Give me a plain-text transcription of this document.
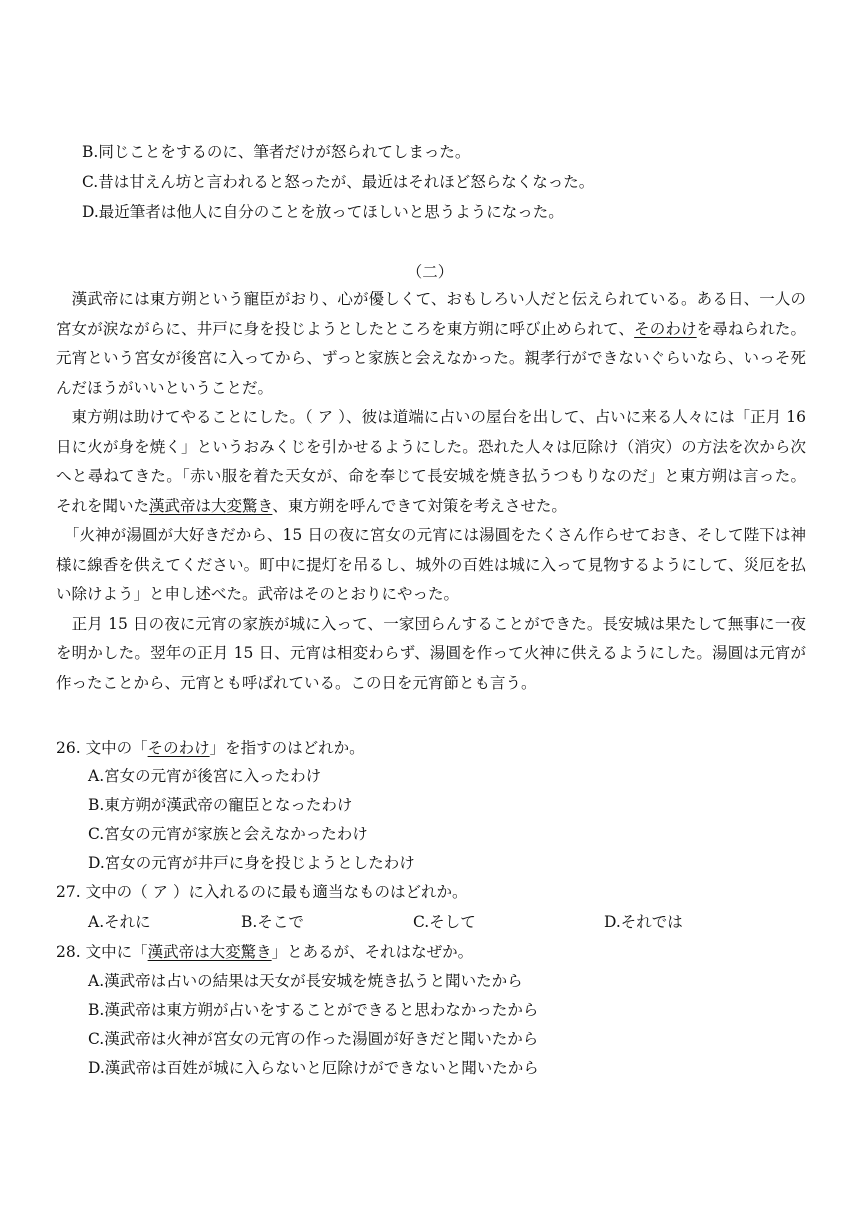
B.同じことをするのに、筆者だけが怒られてしまった。
C.昔は甘えん坊と言われると怒ったが、最近はそれほど怒らなくなった。
D.最近筆者は他人に自分のことを放ってほしいと思うようになった。
（二）

　漢武帝には東方朔という寵臣がおり、心が優しくて、おもしろい人だと伝えられている。ある日、一人の宮女が涙ながらに、井戸に身を投じようとしたところを東方朔に呼び止められて、そのわけを尋ねられた。元宵という宮女が後宮に入ってから、ずっと家族と会えなかった。親孝行ができないぐらいなら、いっそ死んだほうがいいということだ。

　東方朔は助けてやることにした。（ ア ）、彼は道端に占いの屋台を出して、占いに来る人々には「正月 16 日に火が身を焼く」というおみくじを引かせるようにした。恐れた人々は厄除け（消灾）の方法を次から次へと尋ねてきた。「赤い服を着た天女が、命を奉じて長安城を焼き払うつもりなのだ」と東方朔は言った。それを聞いた漢武帝は大変驚き、東方朔を呼んできて対策を考えさせた。

　「火神が湯圓が大好きだから、15 日の夜に宮女の元宵には湯圓をたくさん作らせておき、そして陛下は神様に線香を供えてください。町中に提灯を吊るし、城外の百姓は城に入って見物するようにして、災厄を払い除けよう」と申し述べた。武帝はそのとおりにやった。

　正月 15 日の夜に元宵の家族が城に入って、一家団らんすることができた。長安城は果たして無事に一夜を明かした。翌年の正月 15 日、元宵は相変わらず、湯圓を作って火神に供えるようにした。湯圓は元宵が作ったことから、元宵とも呼ばれている。この日を元宵節とも言う。

26. 文中の「そのわけ」を指すのはどれか。
A.宮女の元宵が後宮に入ったわけ
B.東方朔が漢武帝の寵臣となったわけ
C.宮女の元宵が家族と会えなかったわけ
D.宮女の元宵が井戸に身を投じようとしたわけ
27. 文中の（ ア ）に入れるのに最も適当なものはどれか。
A.それに	B.そこで	C.そして	D.それでは
28. 文中に「漢武帝は大変驚き」とあるが、それはなぜか。
A.漢武帝は占いの結果は天女が長安城を焼き払うと聞いたから
B.漢武帝は東方朔が占いをすることができると思わなかったから
C.漢武帝は火神が宮女の元宵の作った湯圓が好きだと聞いたから
D.漢武帝は百姓が城に入らないと厄除けができないと聞いたから
